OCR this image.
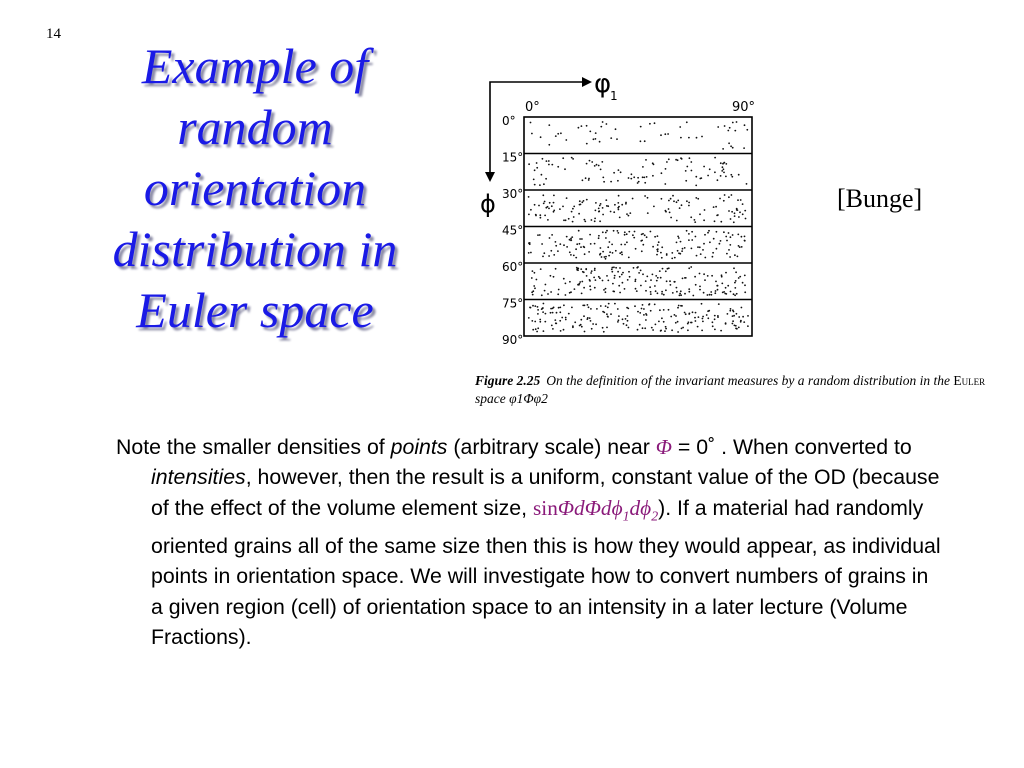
14
Example of
random
orientation
distribution in
Euler space
φ
1
ϕ
0°	90°
0°
15°
30°
45°
60°
75°
90°
Figure 2.25 On the definition of the invariant measures by a random distribution in the Euler space φ1Φφ2
[Bunge]
Note the smaller densities of points (arbitrary scale) near Φ = 0˚ . When converted to intensities, however, then the result is a uniform, constant value of the OD (because of the effect of the volume element size, $\sin\Phi d\Phi d\phi_1d\phi_2$). If a material had randomly oriented grains all of the same size then this is how they would appear, as individual points in orientation space. We will investigate how to convert numbers of grains in a given region (cell) of orientation space to an intensity in a later lecture (Volume Fractions).
